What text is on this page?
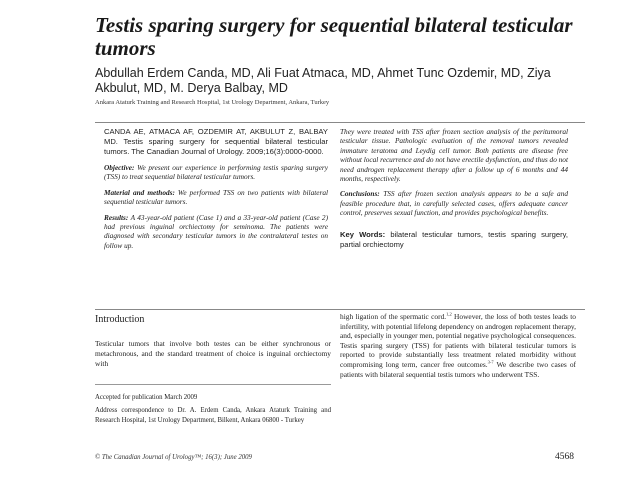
Testis sparing surgery for sequential bilateral testicular tumors
Abdullah Erdem Canda, MD, Ali Fuat Atmaca, MD, Ahmet Tunc Ozdemir, MD, Ziya Akbulut, MD, M. Derya Balbay, MD
Ankara Ataturk Training and Research Hospital, 1st Urology Department, Ankara, Turkey

CANDA AE, ATMACA AF, OZDEMIR AT, AKBULUT Z, BALBAY MD. Testis sparing surgery for sequential bilateral testicular tumors. The Canadian Journal of Urology. 2009;16(3):0000-0000.

Objective: We present our experience in performing testis sparing surgery (TSS) to treat sequential bilateral testicular tumors.

Material and methods: We performed TSS on two patients with bilateral sequential testicular tumors.

Results: A 43-year-old patient (Case 1) and a 33-year-old patient (Case 2) had previous inguinal orchiectomy for seminoma. The patients were diagnosed with secondary testicular tumors in the contralateral testes on follow up.

They were treated with TSS after frozen section analysis of the peritumoral testicular tissue. Pathologic evaluation of the removal tumors revealed immature teratoma and Leydig cell tumor. Both patients are disease free without local recurrence and do not have erectile dysfunction, and thus do not need androgen replacement therapy after a follow up of 6 months and 44 months, respectively.

Conclusions: TSS after frozen section analysis appears to be a safe and feasible procedure that, in carefully selected cases, offers adequate cancer control, preserves sexual function, and provides psychological benefits.

Key Words: bilateral testicular tumors, testis sparing surgery, partial orchiectomy

Introduction

Testicular tumors that involve both testes can be either synchronous or metachronous, and the standard treatment of choice is inguinal orchiectomy with

Accepted for publication March 2009
Address correspondence to Dr. A. Erdem Canda, Ankara Ataturk Training and Research Hospital, 1st Urology Department, Bilkent, Ankara 06800 - Turkey

high ligation of the spermatic cord.$^{1,2}$ However, the loss of both testes leads to infertility, with potential lifelong dependency on androgen replacement therapy, and, especially in younger men, potential negative psychological consequences. Testis sparing surgery (TSS) for patients with bilateral testicular tumors is reported to provide substantially less treatment related morbidity without compromising long term, cancer free outcomes.$^{3-7}$ We describe two cases of patients with bilateral sequential testis tumors who underwent TSS.

© The Canadian Journal of Urology™; 16(3); June 2009	4568
